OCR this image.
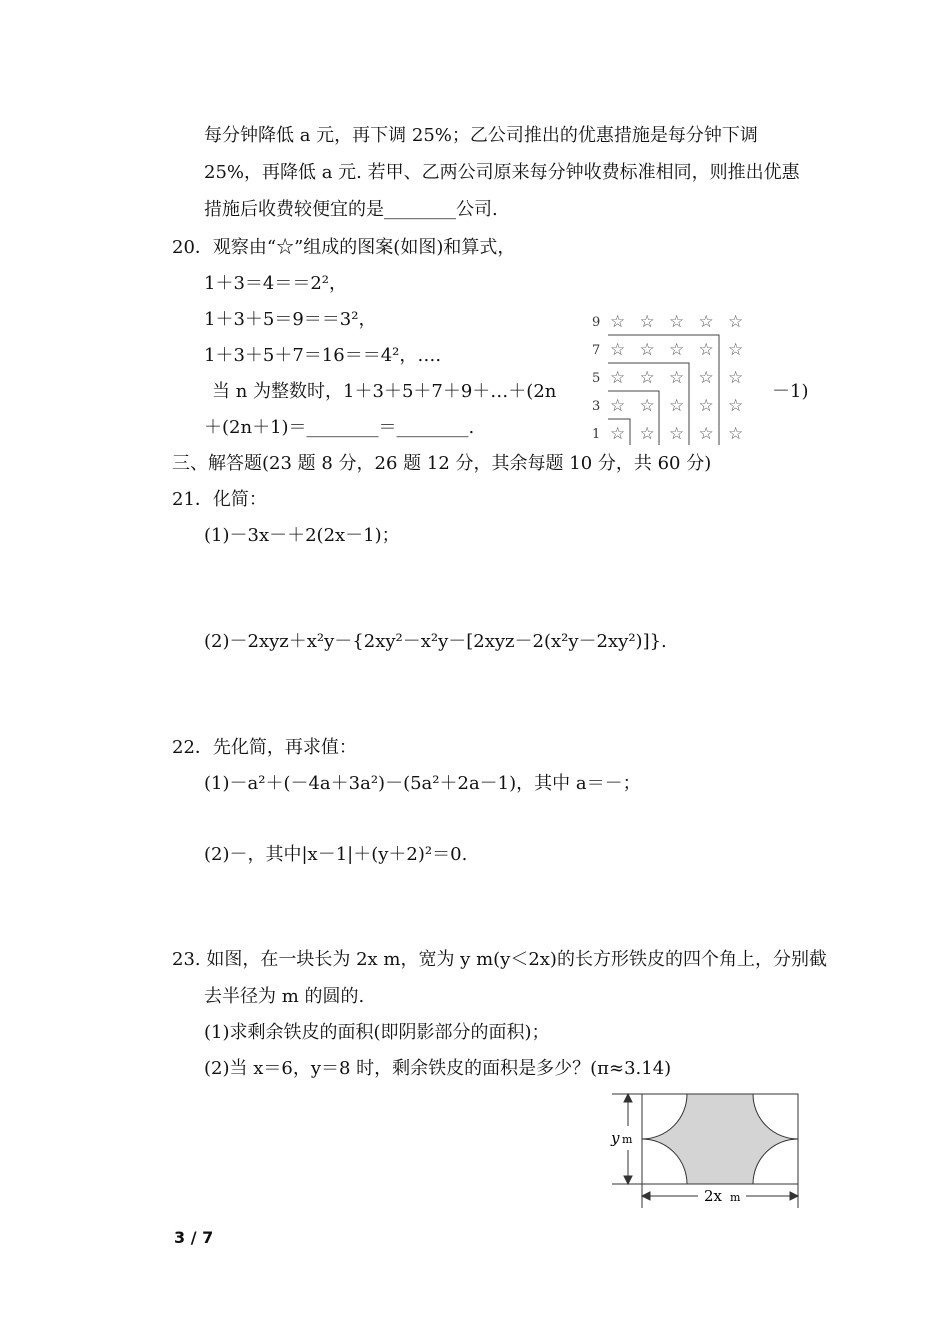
每分钟降低 a 元，再下调 25%；乙公司推出的优惠措施是每分钟下调
25%，再降低 a 元. 若甲、乙两公司原来每分钟收费标准相同，则推出优惠
措施后收费较便宜的是________公司.
20．观察由“☆”组成的图案(如图)和算式，
1＋3＝4＝＝2²，
1＋3＋5＝9＝＝3²，
1＋3＋5＋7＝16＝＝4²，….
当 n 为整数时，1＋3＋5＋7＋9＋…＋(2n	－1)
＋(2n＋1)＝________＝________.
9
7
5
3
1
☆ ☆ ☆ ☆ ☆
☆ ☆ ☆ ☆ ☆
☆ ☆ ☆ ☆ ☆
☆ ☆ ☆ ☆ ☆
☆ ☆ ☆ ☆ ☆
三、解答题(23 题 8 分，26 题 12 分，其余每题 10 分，共 60 分)
21．化简：
(1)－3x－＋2(2x－1)；
(2)－2xyz＋x²y－{2xy²－x²y－[2xyz－2(x²y－2xy²)]}.
22．先化简，再求值：
(1)－a²＋(－4a＋3a²)－(5a²＋2a－1)，其中 a＝－；
(2)－，其中|x－1|＋(y＋2)²＝0.
23. 如图，在一块长为 2x m，宽为 y m(y＜2x)的长方形铁皮的四个角上，分别截
去半径为 m 的圆的.
(1)求剩余铁皮的面积(即阴影部分的面积)；
(2)当 x＝6，y＝8 时，剩余铁皮的面积是多少？(π≈3.14)
y m
2x m
3 / 7
